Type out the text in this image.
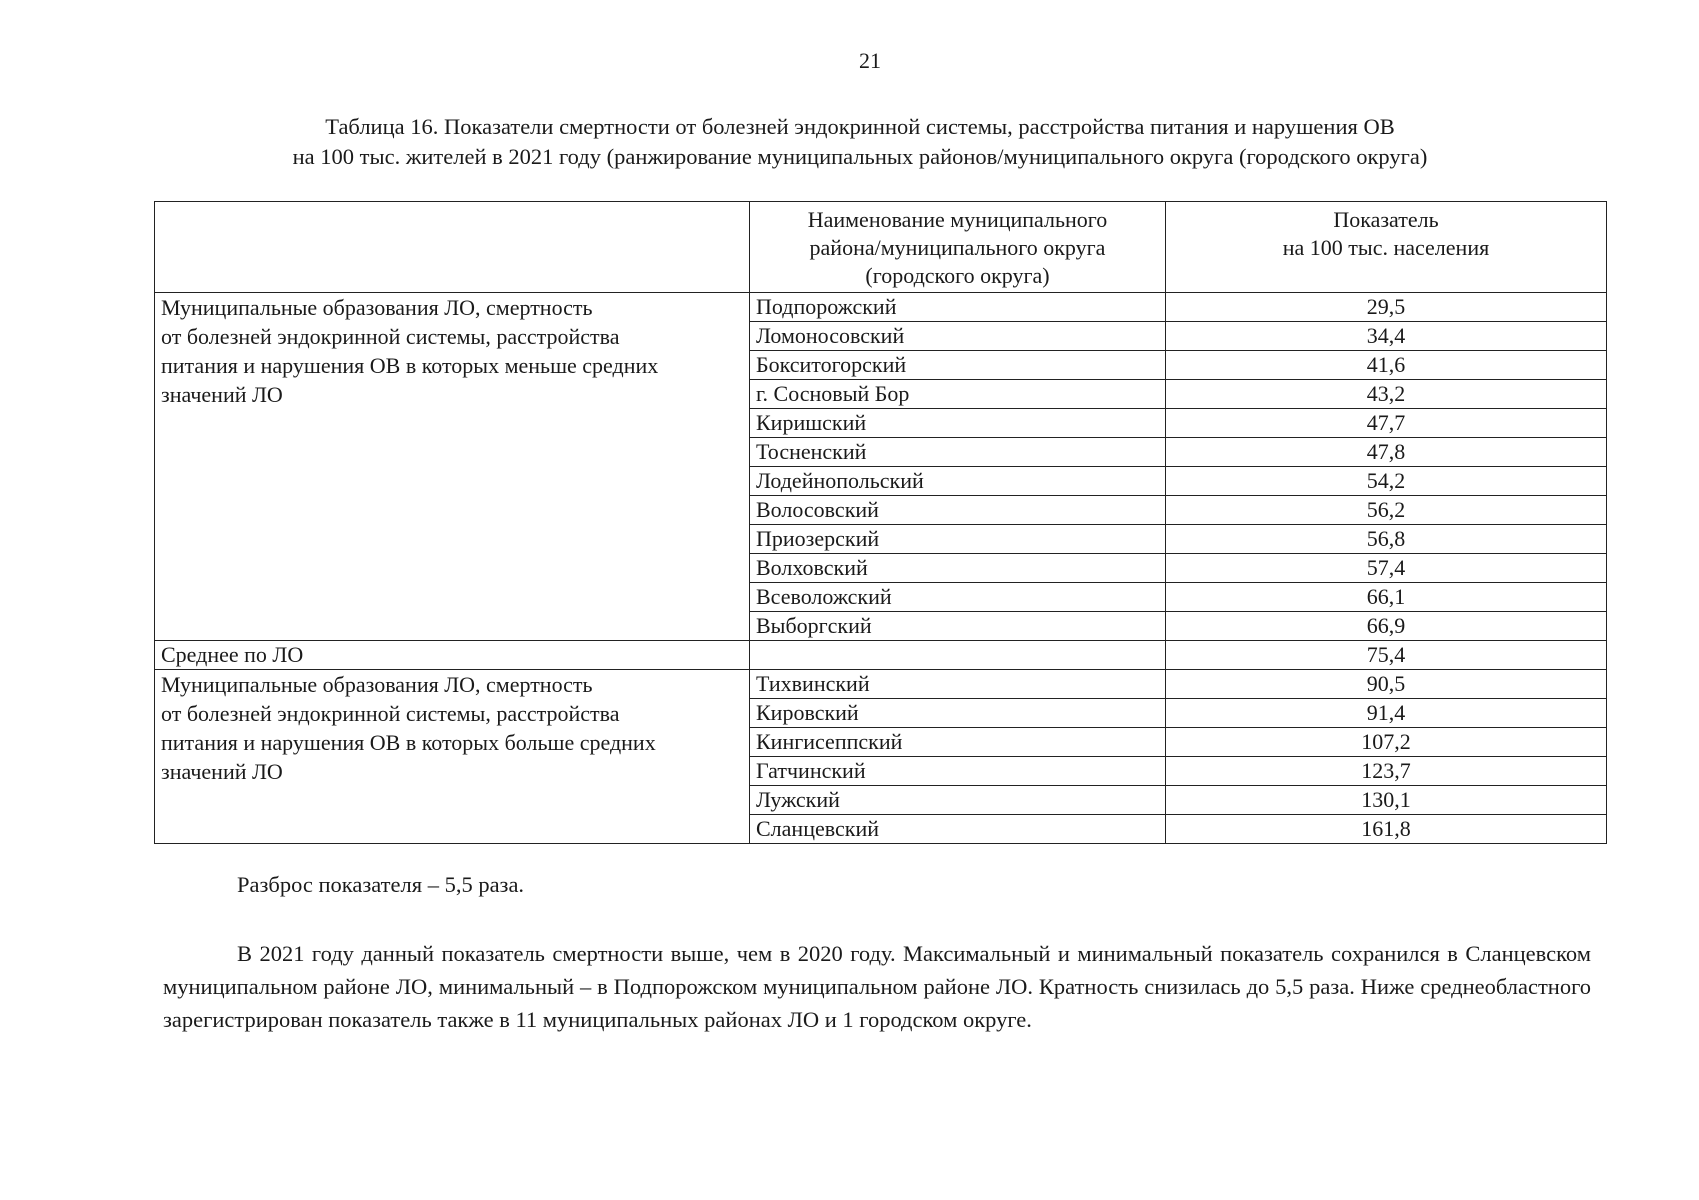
21
Таблица 16. Показатели смертности от болезней эндокринной системы, расстройства питания и нарушения ОВ
на 100 тыс. жителей в 2021 году (ранжирование муниципальных районов/муниципального округа (городского округа)

	Наименование муниципального
района/муниципального округа
(городского округа)	Показатель
на 100 тыс. населения

Муниципальные образования ЛО, смертность
от болезней эндокринной системы, расстройства
питания и нарушения ОВ в которых меньше средних
значений ЛО	Подпорожский	29,5
	Ломоносовский	34,4
	Бокситогорский	41,6
	г. Сосновый Бор	43,2
	Киришский	47,7
	Тосненский	47,8
	Лодейнопольский	54,2
	Волосовский	56,2
	Приозерский	56,8
	Волховский	57,4
	Всеволожский	66,1
	Выборгский	66,9
Среднее по ЛО		75,4

Муниципальные образования ЛО, смертность
от болезней эндокринной системы, расстройства
питания и нарушения ОВ в которых больше средних
значений ЛО	Тихвинский	90,5
	Кировский	91,4
	Кингисеппский	107,2
	Гатчинский	123,7
	Лужский	130,1
	Сланцевский	161,8
Разброс показателя – 5,5 раза.
В 2021 году данный показатель смертности выше, чем в 2020 году. Максимальный и минимальный показатель сохранился в Сланцевском муниципальном районе ЛО, минимальный – в Подпорожском муниципальном районе ЛО. Кратность снизилась до 5,5 раза. Ниже среднеобластного зарегистрирован показатель также в 11 муниципальных районах ЛО и 1 городском округе.
